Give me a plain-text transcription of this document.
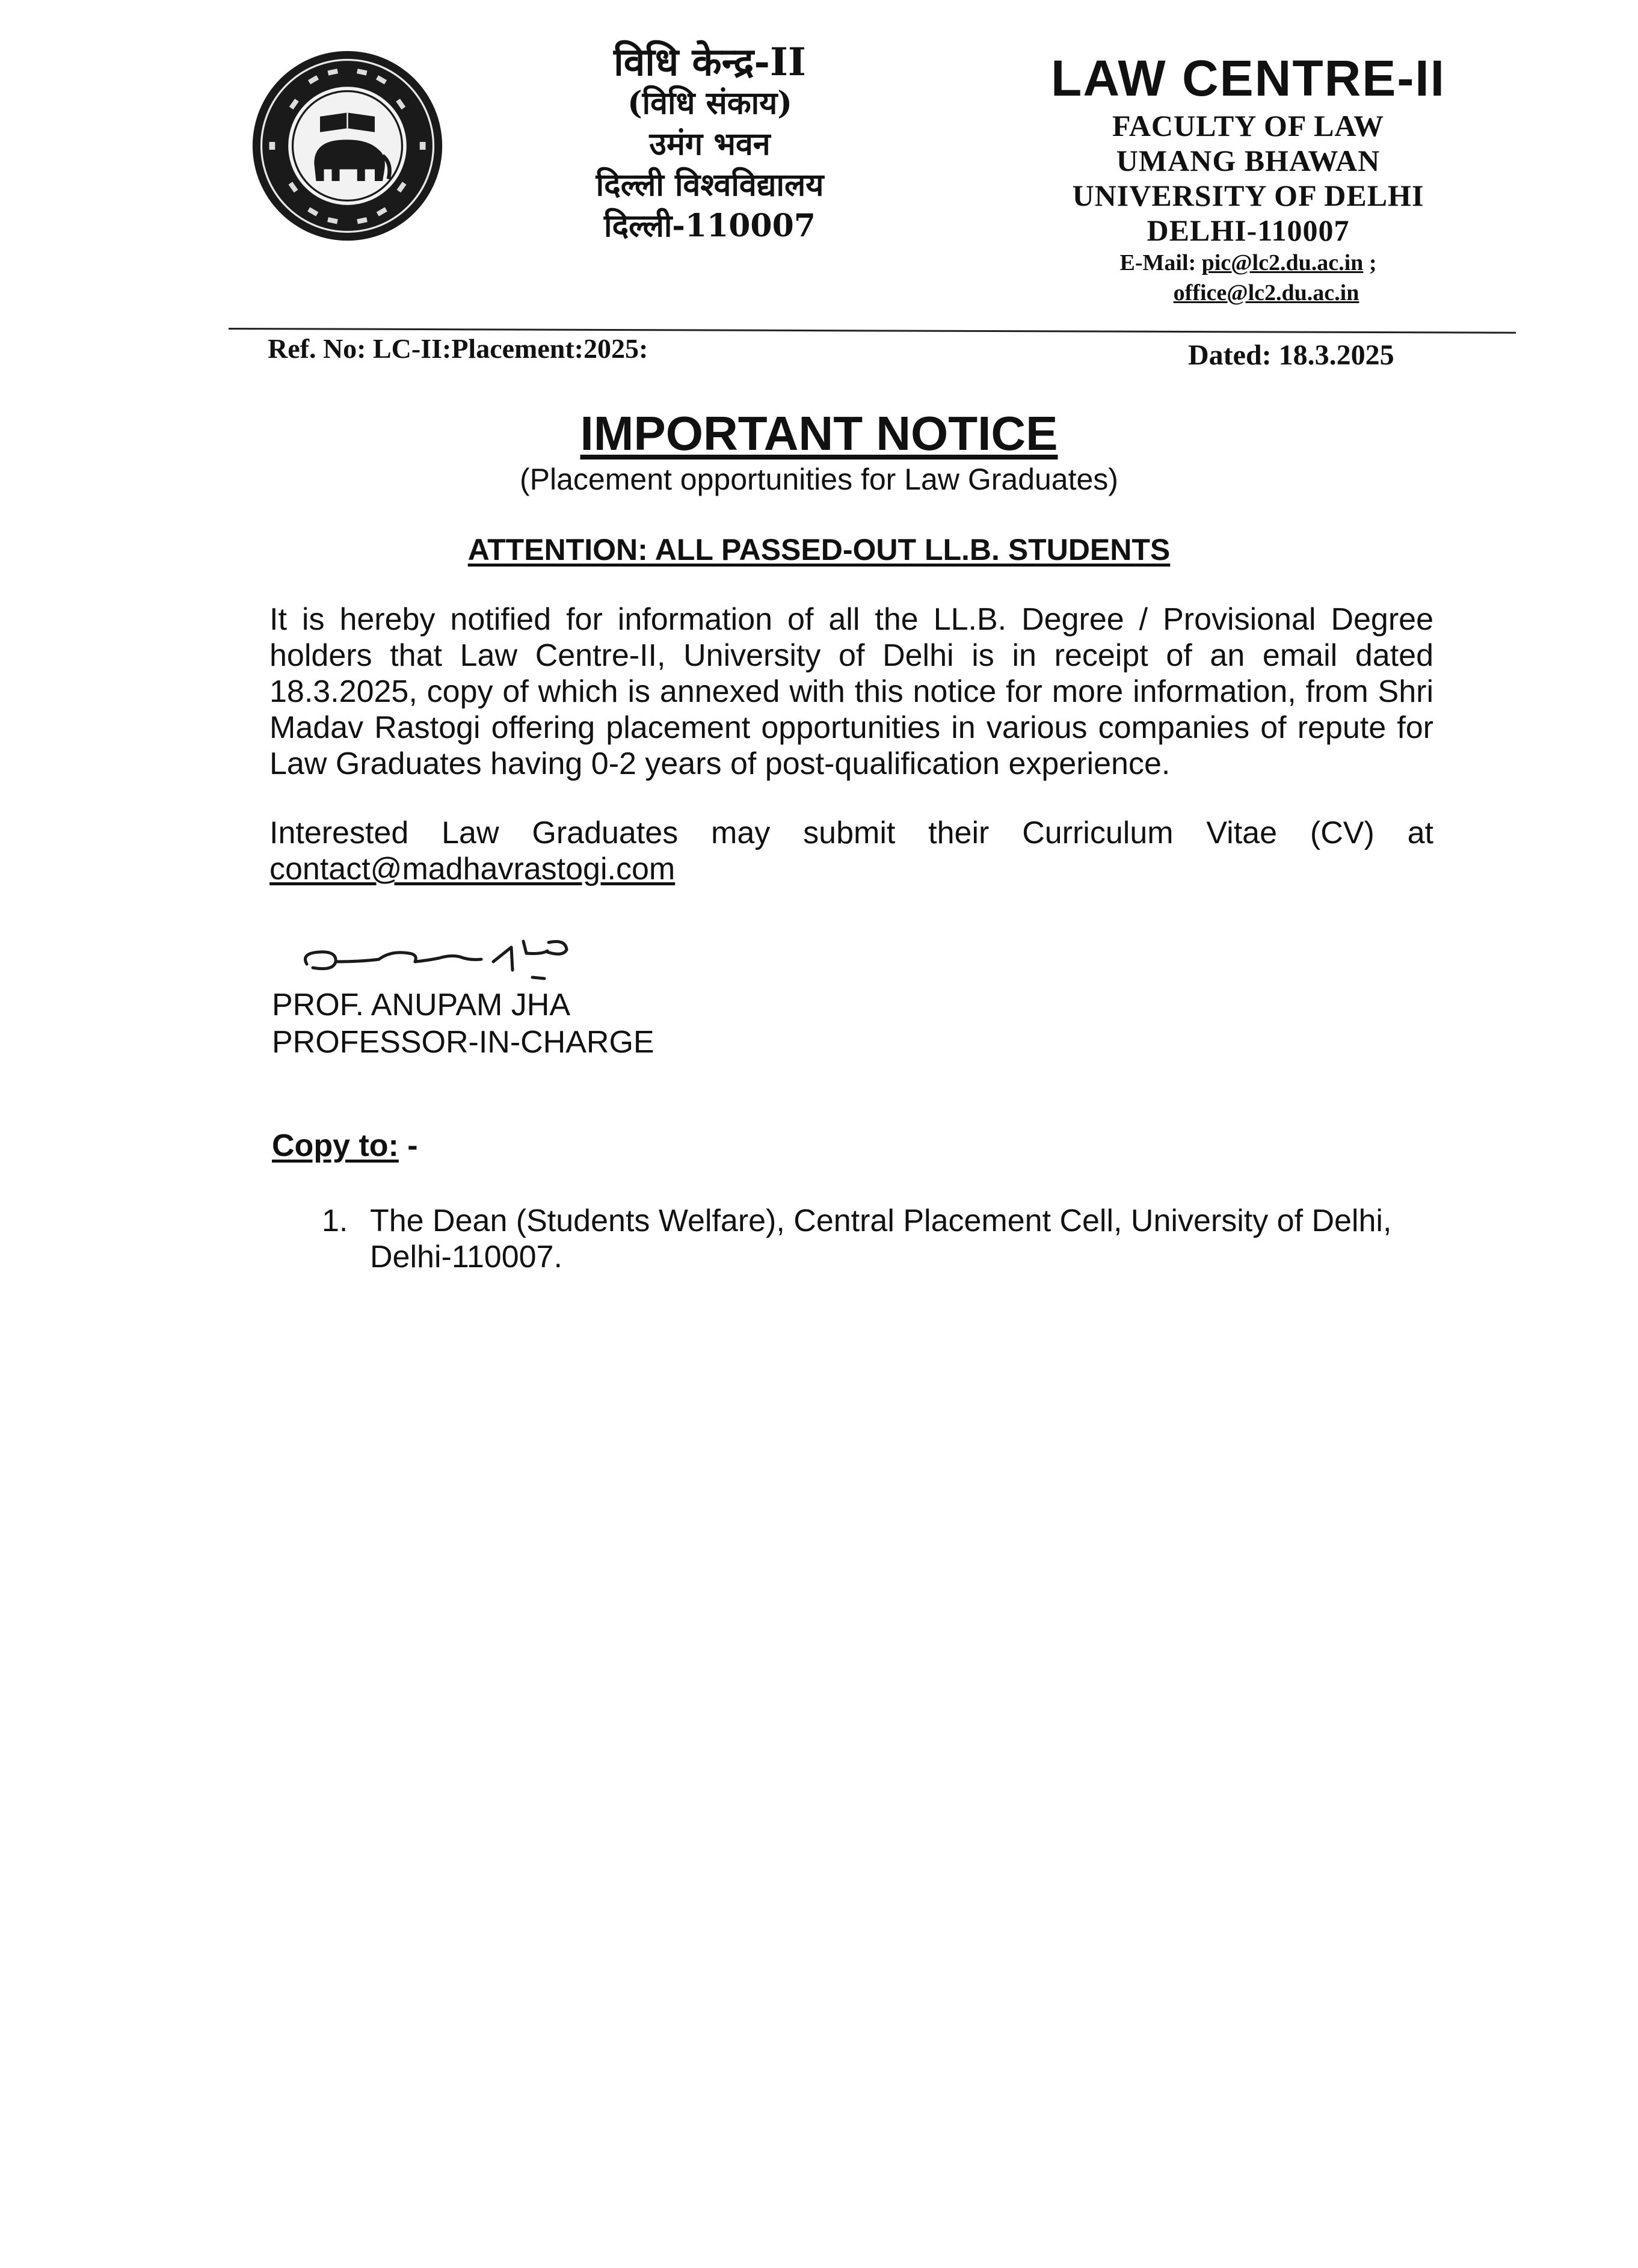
विधि केन्द्र-II
(विधि संकाय)
उमंग भवन
दिल्ली विश्वविद्यालय
दिल्ली-110007
LAW CENTRE-II
FACULTY OF LAW
UMANG BHAWAN
UNIVERSITY OF DELHI
DELHI-110007
E-Mail: pic@lc2.du.ac.in ;
office@lc2.du.ac.in
Ref. No: LC-II:Placement:2025:	Dated: 18.3.2025
IMPORTANT NOTICE
(Placement opportunities for Law Graduates)
ATTENTION: ALL PASSED-OUT LL.B. STUDENTS
It is hereby notified for information of all the LL.B. Degree / Provisional Degree holders that Law Centre-II, University of Delhi is in receipt of an email dated 18.3.2025, copy of which is annexed with this notice for more information, from Shri Madav Rastogi offering placement opportunities in various companies of repute for Law Graduates having 0-2 years of post-qualification experience.
Interested Law Graduates may submit their Curriculum Vitae (CV) at
contact@madhavrastogi.com
PROF. ANUPAM JHA
PROFESSOR-IN-CHARGE
Copy to: -
1. The Dean (Students Welfare), Central Placement Cell, University of Delhi, Delhi-110007.
